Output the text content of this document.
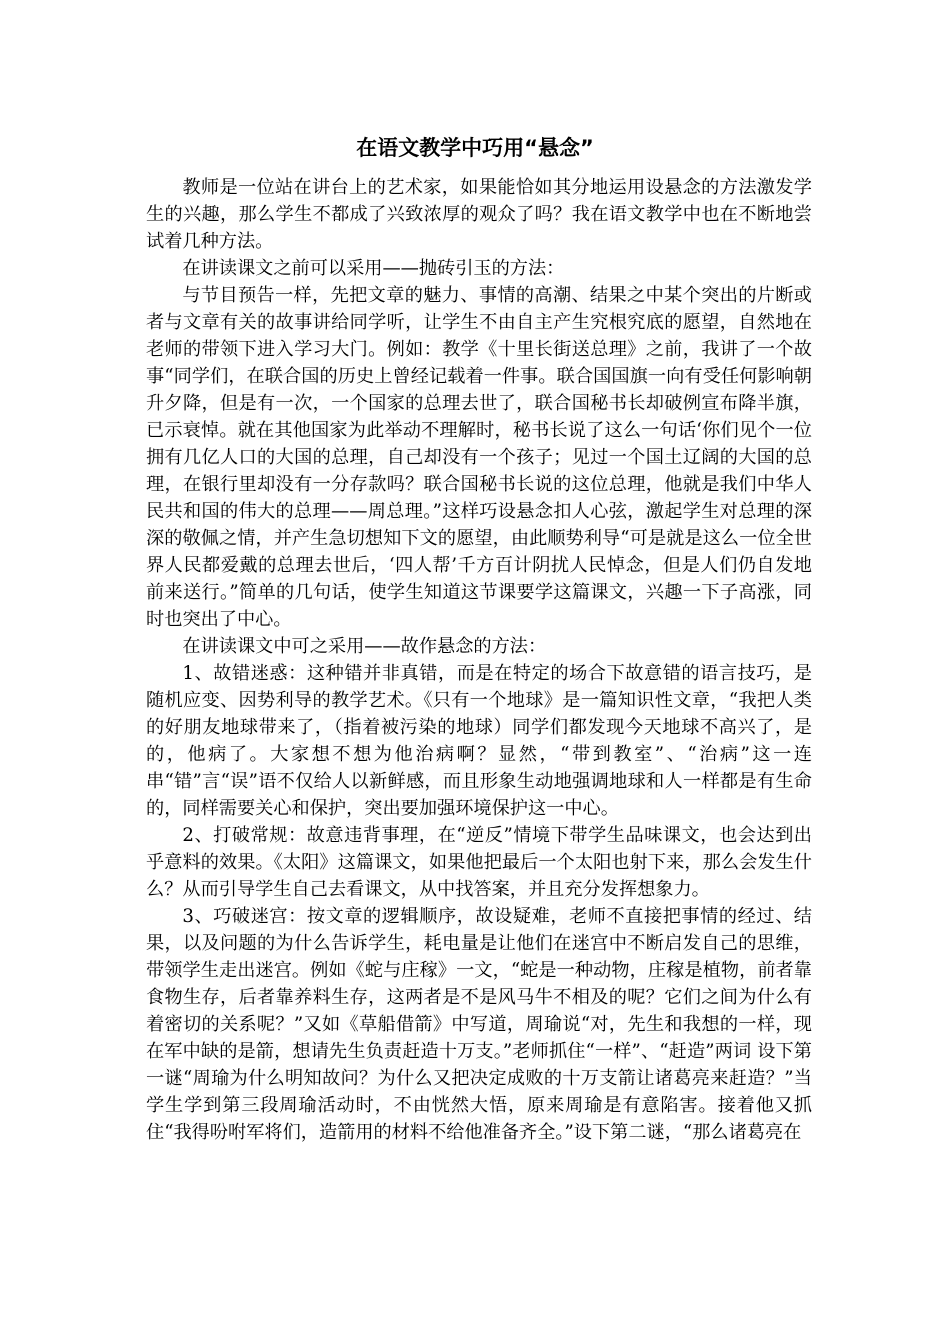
在语文教学中巧用“悬念”

教师是一位站在讲台上的艺术家，如果能恰如其分地运用设悬念的方法激发学生的兴趣，那么学生不都成了兴致浓厚的观众了吗？我在语文教学中也在不断地尝试着几种方法。

在讲读课文之前可以采用——抛砖引玉的方法：

与节目预告一样，先把文章的魅力、事情的高潮、结果之中某个突出的片断或者与文章有关的故事讲给同学听，让学生不由自主产生究根究底的愿望，自然地在老师的带领下进入学习大门。例如：教学《十里长街送总理》之前，我讲了一个故事“同学们，在联合国的历史上曾经记载着一件事。联合国国旗一向有受任何影响朝升夕降，但是有一次，一个国家的总理去世了，联合国秘书长却破例宣布降半旗，已示衰悼。就在其他国家为此举动不理解时，秘书长说了这么一句话‘你们见个一位拥有几亿人口的大国的总理，自己却没有一个孩子；见过一个国土辽阔的大国的总理，在银行里却没有一分存款吗？联合国秘书长说的这位总理，他就是我们中华人民共和国的伟大的总理——周总理。”这样巧设悬念扣人心弦，激起学生对总理的深深的敬佩之情，并产生急切想知下文的愿望，由此顺势利导“可是就是这么一位全世界人民都爱戴的总理去世后，‘四人帮’千方百计阴扰人民悼念，但是人们仍自发地前来送行。”简单的几句话，使学生知道这节课要学这篇课文，兴趣一下子高涨，同时也突出了中心。

在讲读课文中可之采用——故作悬念的方法：

1、故错迷惑：这种错并非真错，而是在特定的场合下故意错的语言技巧，是随机应变、因势利导的教学艺术。《只有一个地球》是一篇知识性文章，“我把人类的好朋友地球带来了，（指着被污染的地球）同学们都发现今天地球不高兴了，是的，他病了。大家想不想为他治病啊？显然，“带到教室”、“治病”这一连串“错”言“误”语不仅给人以新鲜感，而且形象生动地强调地球和人一样都是有生命的，同样需要关心和保护，突出要加强环境保护这一中心。

2、打破常规：故意违背事理，在“逆反”情境下带学生品味课文，也会达到出乎意料的效果。《太阳》这篇课文，如果他把最后一个太阳也射下来，那么会发生什么？从而引导学生自己去看课文，从中找答案，并且充分发挥想象力。

3、巧破迷宫：按文章的逻辑顺序，故设疑难，老师不直接把事情的经过、结果，以及问题的为什么告诉学生，耗电量是让他们在迷宫中不断启发自己的思维，带领学生走出迷宫。例如《蛇与庄稼》一文，“蛇是一种动物，庄稼是植物，前者靠食物生存，后者靠养料生存，这两者是不是风马牛不相及的呢？它们之间为什么有着密切的关系呢？”又如《草船借箭》中写道，周瑜说“对，先生和我想的一样，现在军中缺的是箭，想请先生负责赶造十万支。”老师抓住“一样”、“赶造”两词 设下第一谜“周瑜为什么明知故问？为什么又把决定成败的十万支箭让诸葛亮来赶造？”当学生学到第三段周瑜活动时，不由恍然大悟，原来周瑜是有意陷害。接着他又抓住“我得吩咐军将们，造箭用的材料不给他准备齐全。”设下第二谜，“那么诸葛亮在
